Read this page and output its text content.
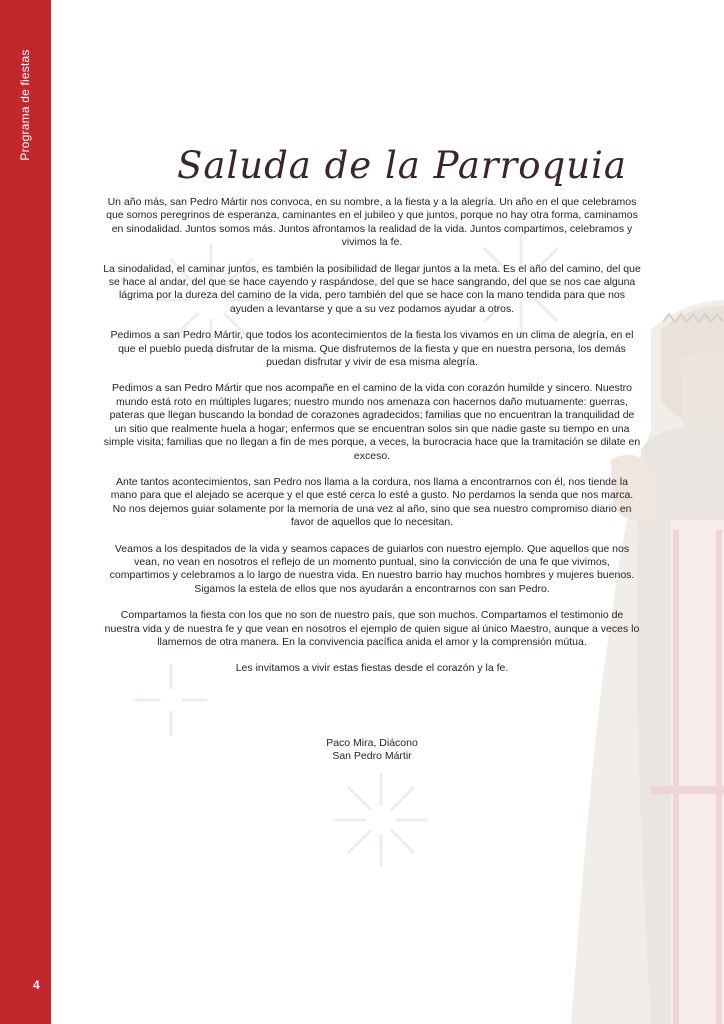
Programa de fiestas
4
Saluda de la Parroquia

Un año más, san Pedro Mártir nos convoca, en su nombre, a la fiesta y a la alegría. Un año en el que celebramos que somos peregrinos de esperanza, caminantes en el jubileo y que juntos, porque no hay otra forma, caminamos en sinodalidad. Juntos somos más. Juntos afrontamos la realidad de la vida. Juntos compartimos, celebramos y vivimos la fe.

La sinodalidad, el caminar juntos, es también la posibilidad de llegar juntos a la meta. Es el año del camino, del que se hace al andar, del que se hace cayendo y raspándose, del que se hace sangrando, del que se nos cae alguna lágrima por la dureza del camino de la vida, pero también del que se hace con la mano tendida para que nos ayuden a levantarse y que a su vez podamos ayudar a otros.

Pedimos a san Pedro Mártir, que todos los acontecimientos de la fiesta los vivamos en un clima de alegría, en el que el pueblo pueda disfrutar de la misma. Que disfrutemos de la fiesta y que en nuestra persona, los demás puedan disfrutar y vivir de esa misma alegría.

Pedimos a san Pedro Mártir que nos acompañe en el camino de la vida con corazón humilde y sincero. Nuestro mundo está roto en múltiples lugares; nuestro mundo nos amenaza con hacernos daño mutuamente: guerras, pateras que llegan buscando la bondad de corazones agradecidos; familias que no encuentran la tranquilidad de un sitio que realmente huela a hogar; enfermos que se encuentran solos sin que nadie gaste su tiempo en una simple visita; familias que no llegan a fin de mes porque, a veces, la burocracia hace que la tramitación se dilate en exceso.

Ante tantos acontecimientos, san Pedro nos llama a la cordura, nos llama a encontrarnos con él, nos tiende la mano para que el alejado se acerque y el que esté cerca lo esté a gusto. No perdamos la senda que nos marca. No nos dejemos guiar solamente por la memoria de una vez al año, sino que sea nuestro compromiso diario en favor de aquellos que lo necesitan.

Veamos a los despitados de la vida y seamos capaces de guiarlos con nuestro ejemplo. Que aquellos que nos vean, no vean en nosotros el reflejo de un momento puntual, sino la convicción de una fe que vivimos, compartimos y celebramos a lo largo de nuestra vida. En nuestro barrio hay muchos hombres y mujeres buenos. Sigamos la estela de ellos que nos ayudarán a encontrarnos con san Pedro.

Compartamos la fiesta con los que no son de nuestro país, que son muchos. Compartamos el testimonio de nuestra vida y de nuestra fe y que vean en nosotros el ejemplo de quien sigue al único Maestro, aunque a veces lo llamemos de otra manera. En la convivencia pacífica anida el amor y la comprensión mútua.

Les invitamos a vivir estas fiestas desde el corazón y la fe.

Paco Mira, Diácono
San Pedro Mártir
